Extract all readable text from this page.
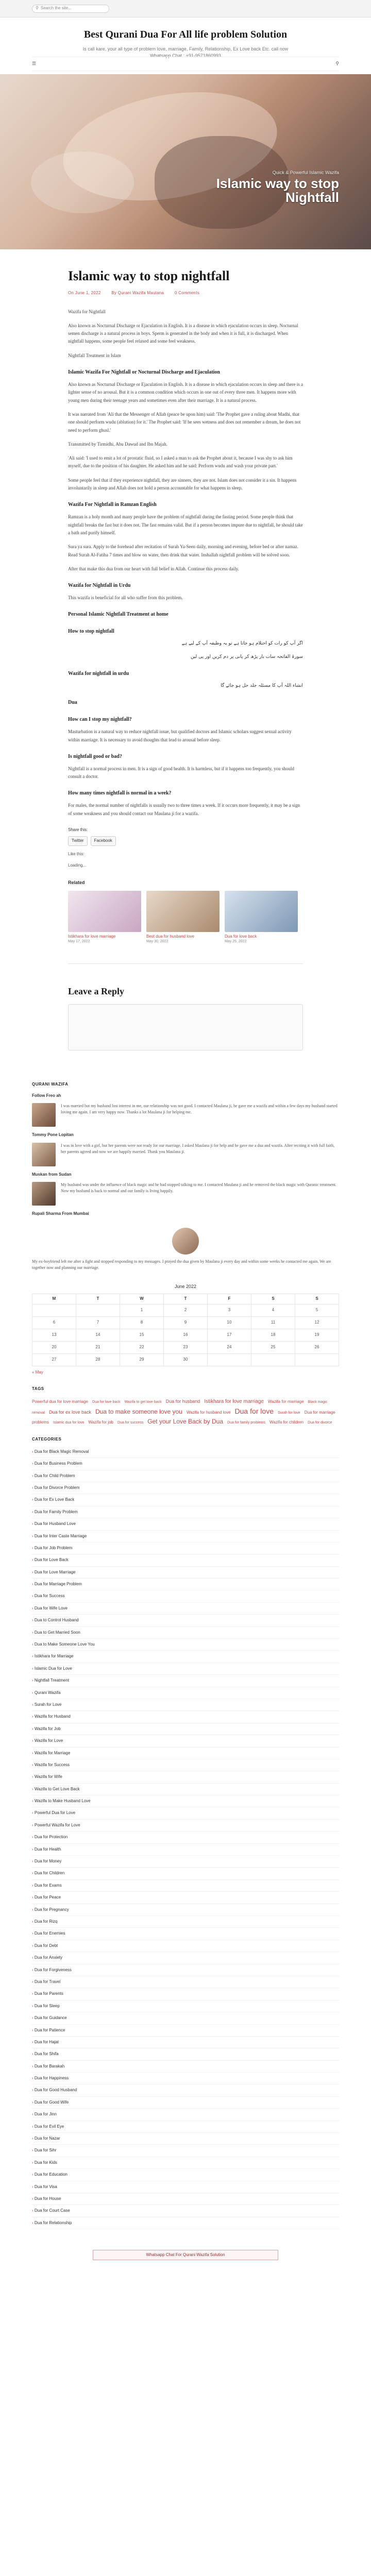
⚲ Search the site...
Best Qurani Dua For All life problem Solution
Is call kare, your all type of problem love, marriage, Family, Relationship, Ex Love back Etc. call now Whatsapp Chat : +91-9571860993
☰	⚲
Quick & Powerful Islamic Wazifa
Islamic way to stop
Nightfall
Islamic way to stop nightfall
On June 1, 2022	By Qurani Wazifa Maulana	0 Comments

Wazifa for Nightfall

Also known as Nocturnal Discharge or Ejaculation in English. It is a disease in which ejaculation occurs in sleep. Nocturnal semen discharge is a natural process in boys. Sperm is generated in the body and when it is full, it is discharged. When nightfall happens, some people feel relaxed and some feel weakness.

Nightfall Treatment in Islam

Islamic Wazifa For Nightfall or Nocturnal Discharge and Ejaculation

Also known as Nocturnal Discharge or Ejaculation in English. It is a disease in which ejaculation occurs in sleep and there is a lighter sense of no arousal. But it is a common condition which occurs in one out of every three men. It happens more with young men during their teenage years and sometimes even after their marriage. It is a natural process.

It was narrated from 'Ali that the Messenger of Allah (peace be upon him) said: 'The Prophet gave a ruling about Madhi, that one should perform wudu (ablution) for it.' The Prophet said: 'If he sees wetness and does not remember a dream, he does not need to perform ghusl.'

Transmitted by Tirmidhi, Abu Dawud and Ibn Majah.

'Ali said: 'I used to emit a lot of prostatic fluid, so I asked a man to ask the Prophet about it, because I was shy to ask him myself, due to the position of his daughter. He asked him and he said: Perform wudu and wash your private part.'

Some people feel that if they experience nightfall, they are sinners, they are not. Islam does not consider it a sin. It happens involuntarily in sleep and Allah does not hold a person accountable for what happens in sleep.

Wazifa For Nightfall in Ramzan English

Ramzan is a holy month and many people have the problem of nightfall during the fasting period. Some people think that nightfall breaks the fast but it does not. The fast remains valid. But if a person becomes impure due to nightfall, he should take a bath and purify himself.

Sura ya sura. Apply to the forehead after recitation of Surah Ya-Seen daily, morning and evening, before bed or after namaz. Read Surah Al-Fatiha 7 times and blow on water, then drink that water. Inshallah nightfall problem will be solved soon.

After that make this dua from our heart with full belief in Allah. Continue this process daily.

Wazifa for Nightfall in Urdu

This wazifa is beneficial for all who suffer from this problem.

Personal Islamic Nightfall Treatment at home
How to stop nightfall
اگر آپ کو رات کو احتلام ہو جاتا ہے تو یہ وظیفہ آپ کے لیے ہے
سورۃ الفاتحہ سات بار پڑھ کر پانی پر دم کریں اور پی لیں
Wazifa for nightfall in urdu
انشاء اللہ آپ کا مسئلہ جلد حل ہو جائے گا
Dua
How can I stop my nightfall?

Masturbation is a natural way to reduce nightfall issue, but qualified doctors and Islamic scholars suggest sexual activity within marriage. It is necessary to avoid thoughts that lead to arousal before sleep.

Is nightfall good or bad?

Nightfall is a normal process in men. It is a sign of good health. It is harmless, but if it happens too frequently, you should consult a doctor.

How many times nightfall is normal in a week?

For males, the normal number of nightfalls is usually two to three times a week. If it occurs more frequently, it may be a sign of some weakness and you should contact our Maulana ji for a wazifa.

Share this:
Twitter	Facebook
Like this:
Loading...
Related
Istikhara for love marriage
May 17, 2022
Best dua for husband love
May 30, 2022
Dua for love back
May 25, 2022
Leave a Reply
QURANI WAZIFA
Follow Freo ah

I was married but my husband lost interest in me, our relationship was not good. I contacted Maulana ji, he gave me a wazifa and within a few days my husband started loving me again. I am very happy now. Thanks a lot Maulana ji for helping me.

Tommy Pone Lopitan

I was in love with a girl, but her parents were not ready for our marriage. I asked Maulana ji for help and he gave me a dua and wazifa. After reciting it with full faith, her parents agreed and now we are happily married. Thank you Maulana ji.

Muskan from Sudan

My husband was under the influence of black magic and he had stopped talking to me. I contacted Maulana ji and he removed the black magic with Quranic treatment. Now my husband is back to normal and our family is living happily.

Rupali Sharma From Mumbai

My ex-boyfriend left me after a fight and stopped responding to my messages. I prayed the dua given by Maulana ji every day and within some weeks he contacted me again. We are together now and planning our marriage.

June 2022
M	T	W	T	F	S	S
		1	2	3	4	5
6	7	8	9	10	11	12
13	14	15	16	17	18	19
20	21	22	23	24	25	26
27	28	29	30			
« May
TAGS
Powerful dua for love marriage Dua for love back Wazifa to get love back Dua for husband Istikhara for love marriage Wazifa for marriage Black magic removal Dua for ex love back Dua to make someone love you Wazifa for husband love Dua for love Surah for love Dua for marriage problems Islamic dua for love Wazifa for job Dua for success Get your Love Back by Dua Dua for family problems Wazifa for children Dua for divorce
CATEGORIES
› Dua for Black Magic Removal
› Dua for Business Problem
› Dua for Child Problem
› Dua for Divorce Problem
› Dua for Ex Love Back
› Dua for Family Problem
› Dua for Husband Love
› Dua for Inter Caste Marriage
› Dua for Job Problem
› Dua for Love Back
› Dua for Love Marriage
› Dua for Marriage Problem
› Dua for Success
› Dua for Wife Love
› Dua to Control Husband
› Dua to Get Married Soon
› Dua to Make Someone Love You
› Istikhara for Marriage
› Islamic Dua for Love
› Nightfall Treatment
› Qurani Wazifa
› Surah for Love
› Wazifa for Husband
› Wazifa for Job
› Wazifa for Love
› Wazifa for Marriage
› Wazifa for Success
› Wazifa for Wife
› Wazifa to Get Love Back
› Wazifa to Make Husband Love
› Powerful Dua for Love
› Powerful Wazifa for Love
› Dua for Protection
› Dua for Health
› Dua for Money
› Dua for Children
› Dua for Exams
› Dua for Peace
› Dua for Pregnancy
› Dua for Rizq
› Dua for Enemies
› Dua for Debt
› Dua for Anxiety
› Dua for Forgiveness
› Dua for Travel
› Dua for Parents
› Dua for Sleep
› Dua for Guidance
› Dua for Patience
› Dua for Hajat
› Dua for Shifa
› Dua for Barakah
› Dua for Happiness
› Dua for Good Husband
› Dua for Good Wife
› Dua for Jinn
› Dua for Evil Eye
› Dua for Nazar
› Dua for Sihr
› Dua for Kids
› Dua for Education
› Dua for Visa
› Dua for House
› Dua for Court Case
› Dua for Relationship
Whatsapp Chat For Qurani Wazifa Solution
